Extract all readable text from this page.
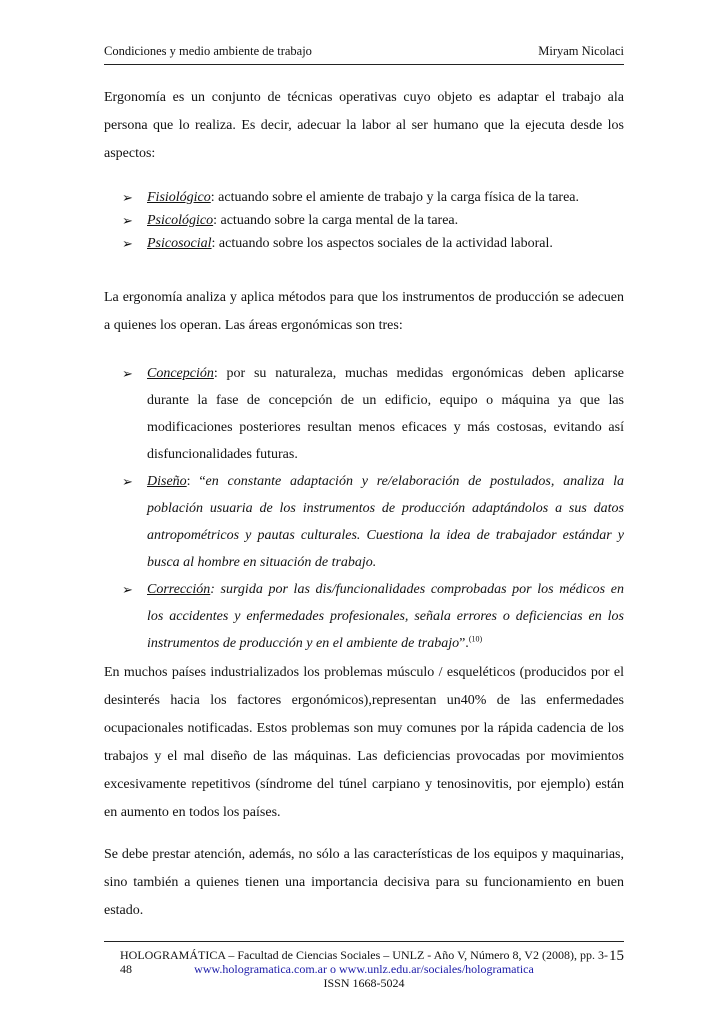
Condiciones y medio ambiente de trabajo	Miryam Nicolaci

Ergonomía es un conjunto de técnicas operativas cuyo objeto es adaptar el trabajo ala persona que lo realiza. Es decir, adecuar la labor al ser humano que la ejecuta desde los aspectos:

➢ Fisiológico: actuando sobre el amiente de trabajo y la carga física de la tarea.
➢ Psicológico: actuando sobre la carga mental de la tarea.
➢ Psicosocial: actuando sobre los aspectos sociales de la actividad laboral.

La ergonomía analiza y aplica métodos para que los instrumentos de producción se adecuen a quienes los operan. Las áreas ergonómicas son tres:

➢ Concepción: por su naturaleza, muchas medidas ergonómicas deben aplicarse durante la fase de concepción de un edificio, equipo o máquina ya que las modificaciones posteriores resultan menos eficaces y más costosas, evitando así disfuncionalidades futuras.
➢ Diseño: “en constante adaptación y re/elaboración de postulados, analiza la población usuaria de los instrumentos de producción adaptándolos a sus datos antropométricos y pautas culturales. Cuestiona la idea de trabajador estándar y busca al hombre en situación de trabajo.
➢ Corrección: surgida por las dis/funcionalidades comprobadas por los médicos en los accidentes y enfermedades profesionales, señala errores o deficiencias en los instrumentos de producción y en el ambiente de trabajo”.$^{(10)}$

En muchos países industrializados los problemas músculo / esqueléticos (producidos por el desinterés hacia los factores ergonómicos),representan un40% de las enfermedades ocupacionales notificadas. Estos problemas son muy comunes por la rápida cadencia de los trabajos y el mal diseño de las máquinas. Las deficiencias provocadas por movimientos excesivamente repetitivos (síndrome del túnel carpiano y tenosinovitis, por ejemplo) están en aumento en todos los países.

Se debe prestar atención, además, no sólo a las características de los equipos y maquinarias, sino también a quienes tienen una importancia decisiva para su funcionamiento en buen estado.

HOLOGRAMÁTICA – Facultad de Ciencias Sociales – UNLZ - Año V, Número 8, V2 (2008), pp. 3- 48	www.hologramatica.com.ar o www.unlz.edu.ar/sociales/hologramatica
ISSN 1668-5024
15
